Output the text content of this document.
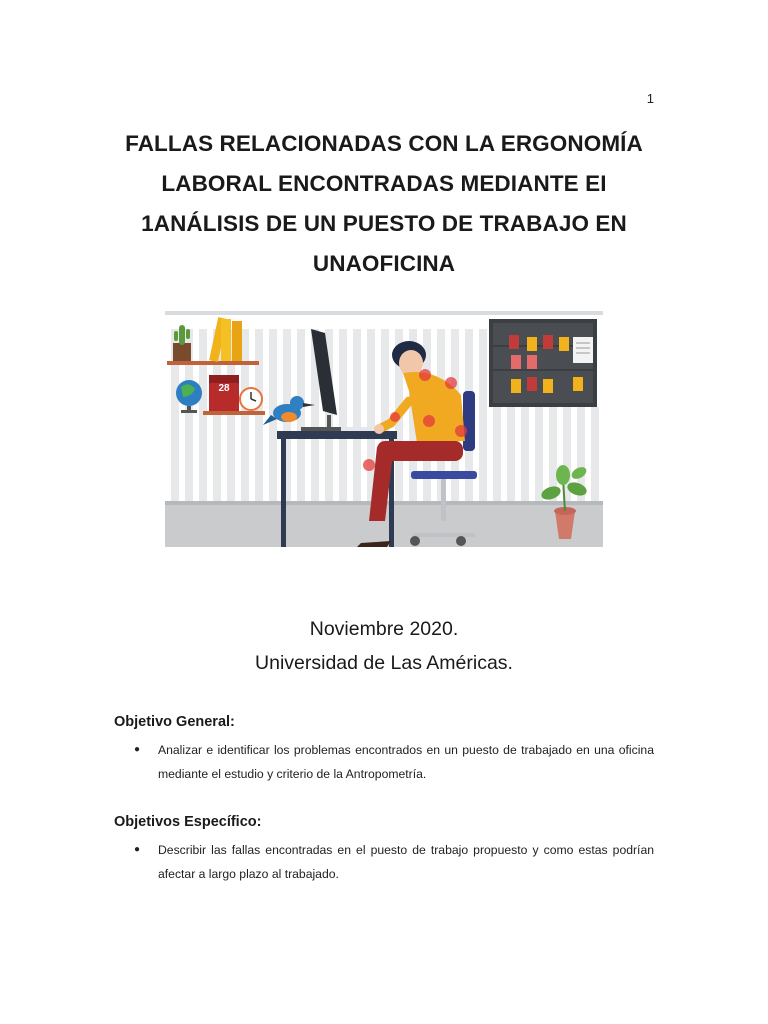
1
FALLAS RELACIONADAS CON LA ERGONOMÍA
LABORAL ENCONTRADAS MEDIANTE EI
1ANÁLISIS DE UN PUESTO DE TRABAJO EN
UNAOFICINA
28
Noviembre 2020.
Universidad de Las Américas.
Objetivo General:
● Analizar e identificar los problemas encontrados en un puesto de trabajado en una oficina mediante el estudio y criterio de la Antropometría.
Objetivos Específico:
● Describir las fallas encontradas en el puesto de trabajo propuesto y como estas podrían afectar a largo plazo al trabajado.
